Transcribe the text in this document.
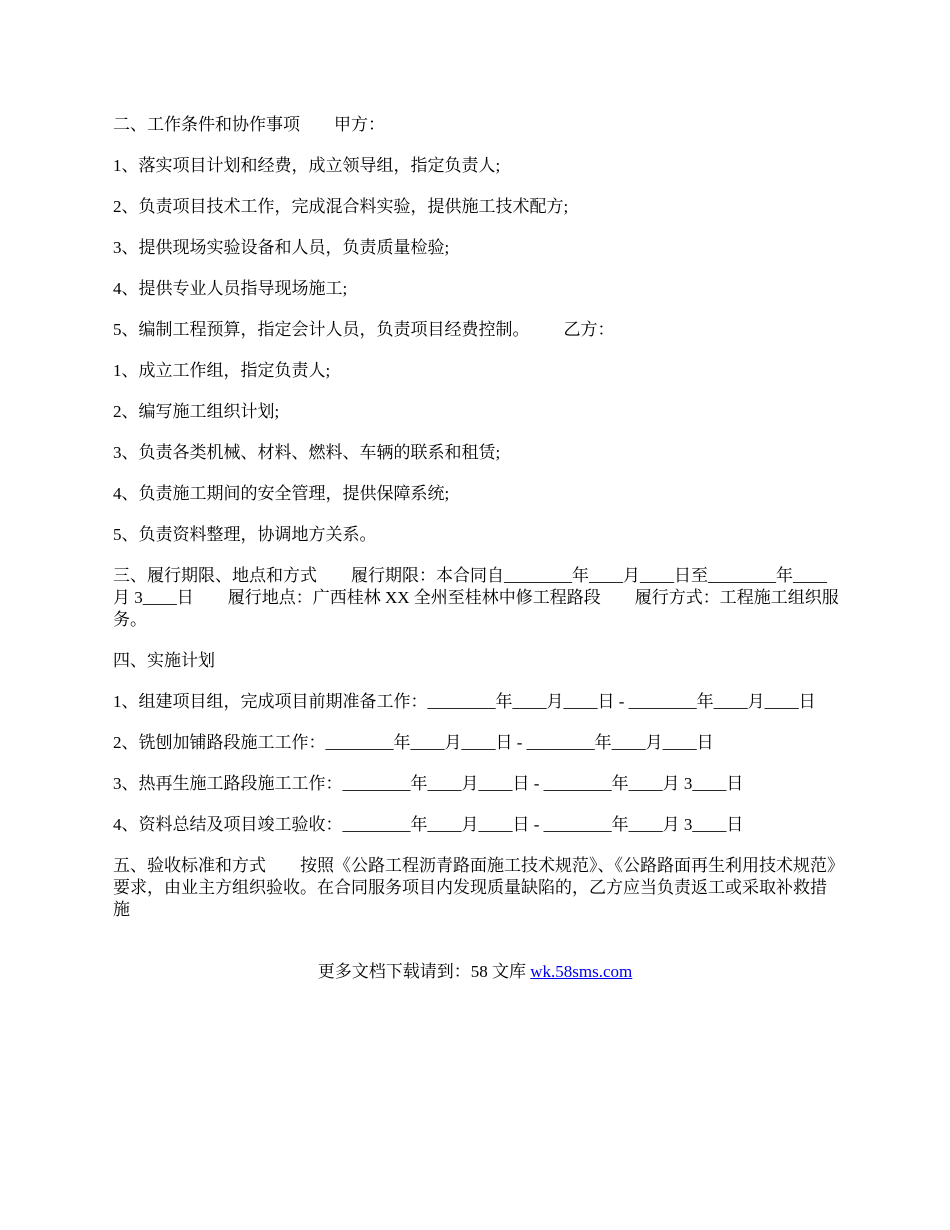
二、工作条件和协作事项        甲方：

1、落实项目计划和经费，成立领导组，指定负责人;

2、负责项目技术工作，完成混合料实验，提供施工技术配方;

3、提供现场实验设备和人员，负责质量检验;

4、提供专业人员指导现场施工;

5、编制工程预算，指定会计人员，负责项目经费控制。        乙方：

1、成立工作组，指定负责人;

2、编写施工组织计划;

3、负责各类机械、材料、燃料、车辆的联系和租赁;

4、负责施工期间的安全管理，提供保障系统;

5、负责资料整理，协调地方关系。

三、履行期限、地点和方式        履行期限：本合同自________年____月____日至________年____月 3____日        履行地点：广西桂林 XX 全州至桂林中修工程路段        履行方式：工程施工组织服务。

四、实施计划

1、组建项目组，完成项目前期准备工作：________年____月____日 - ________年____月____日

2、铣刨加铺路段施工工作：________年____月____日 - ________年____月____日

3、热再生施工路段施工工作：________年____月____日 - ________年____月 3____日

4、资料总结及项目竣工验收：________年____月____日 - ________年____月 3____日

五、验收标准和方式        按照《公路工程沥青路面施工技术规范》、《公路路面再生利用技术规范》要求，由业主方组织验收。在合同服务项目内发现质量缺陷的，乙方应当负责返工或采取补救措施

更多文档下载请到：58 文库 wk.58sms.com
